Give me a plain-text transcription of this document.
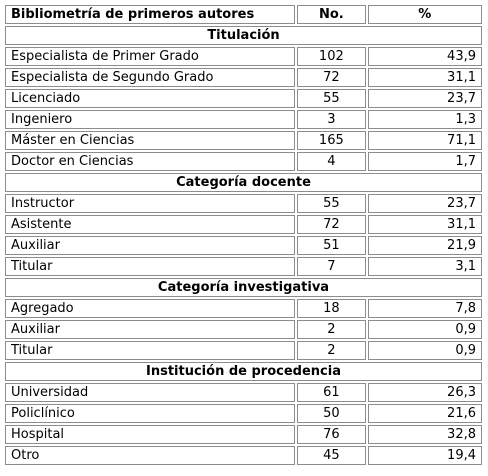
Bibliometría de primeros autores	No.	%
Titulación		
Especialista de Primer Grado	102	43,9
Especialista de Segundo Grado	72	31,1
Licenciado	55	23,7
Ingeniero	3	1,3
Máster en Ciencias	165	71,1
Doctor en Ciencias	4	1,7
Categoría docente		
Instructor	55	23,7
Asistente	72	31,1
Auxiliar	51	21,9
Titular	7	3,1
Categoría investigativa		
Agregado	18	7,8
Auxiliar	2	0,9
Titular	2	0,9
Institución de procedencia		
Universidad	61	26,3
Policlínico	50	21,6
Hospital	76	32,8
Otro	45	19,4
